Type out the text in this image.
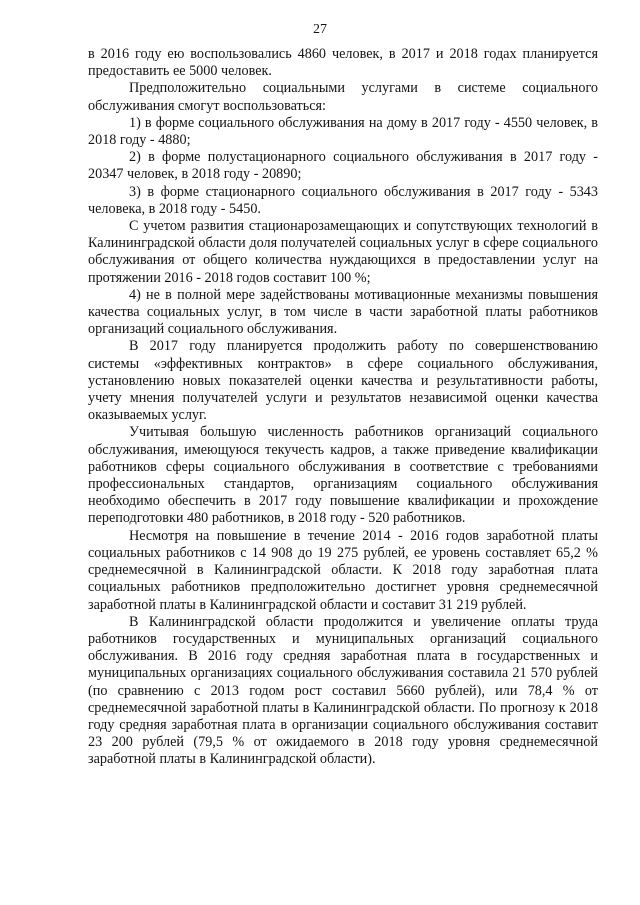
27

в 2016 году ею воспользовались 4860 человек, в 2017 и 2018 годах планируется предоставить ее 5000 человек.

Предположительно социальными услугами в системе социального обслуживания смогут воспользоваться:

1) в форме социального обслуживания на дому в 2017 году - 4550 человек, в 2018 году - 4880;

2) в форме полустационарного социального обслуживания в 2017 году - 20347 человек, в 2018 году - 20890;

3) в форме стационарного социального обслуживания в 2017 году - 5343 человека, в 2018 году - 5450.

С учетом развития стационарозамещающих и сопутствующих технологий в Калининградской области доля получателей социальных услуг в сфере социального обслуживания от общего количества нуждающихся в предоставлении услуг на протяжении 2016 - 2018 годов составит 100 %;

4) не в полной мере задействованы мотивационные механизмы повышения качества социальных услуг, в том числе в части заработной платы работников организаций социального обслуживания.

В 2017 году планируется продолжить работу по совершенствованию системы «эффективных контрактов» в сфере социального обслуживания, установлению новых показателей оценки качества и результативности работы, учету мнения получателей услуги и результатов независимой оценки качества оказываемых услуг.

Учитывая большую численность работников организаций социального обслуживания, имеющуюся текучесть кадров, а также приведение квалификации работников сферы социального обслуживания в соответствие с требованиями профессиональных стандартов, организациям социального обслуживания необходимо обеспечить в 2017 году повышение квалификации и прохождение переподготовки 480 работников, в 2018 году - 520 работников.

Несмотря на повышение в течение 2014 - 2016 годов заработной платы социальных работников с 14 908 до 19 275 рублей, ее уровень составляет 65,2 % среднемесячной в Калининградской области. К 2018 году заработная плата социальных работников предположительно достигнет уровня среднемесячной заработной платы в Калининградской области и составит 31 219 рублей.

В Калининградской области продолжится и увеличение оплаты труда работников государственных и муниципальных организаций социального обслуживания. В 2016 году средняя заработная плата в государственных и муниципальных организациях социального обслуживания составила 21 570 рублей (по сравнению с 2013 годом рост составил 5660 рублей), или 78,4 % от среднемесячной заработной платы в Калининградской области. По прогнозу к 2018 году средняя заработная плата в организации социального обслуживания составит 23 200 рублей (79,5 % от ожидаемого в 2018 году уровня среднемесячной заработной платы в Калининградской области).
